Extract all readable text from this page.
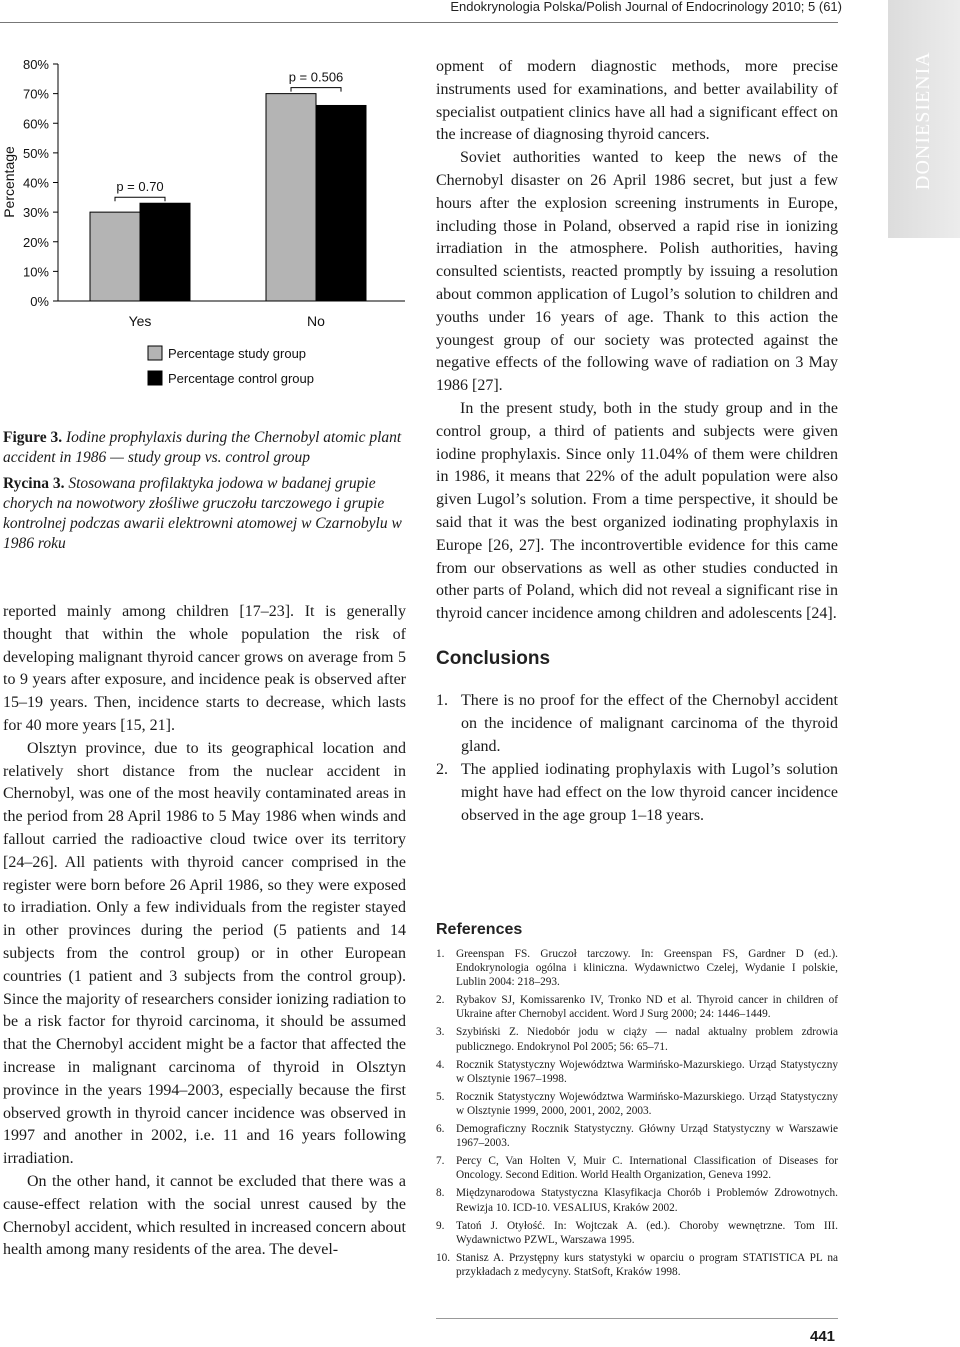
Endokrynologia Polska/Polish Journal of Endocrinology 2010; 5 (61)
DONIESIENIA
0%
10%
20%
30%
40%
50%
60%
70%
80%
Percentage
Yes
p = 0.70
No
p = 0.506
Percentage study group
Percentage control group
Figure 3. Iodine prophylaxis during the Chernobyl atomic plant accident in 1986 — study group vs. control group
Rycina 3. Stosowana profilaktyka jodowa w badanej grupie chorych na nowotwory złośliwe gruczołu tarczowego i grupie kontrolnej podczas awarii elektrowni atomowej w Czarnobylu w 1986 roku

reported mainly among children [17–23]. It is generally thought that within the whole population the risk of developing malignant thyroid cancer grows on average from 5 to 9 years after exposure, and incidence peak is observed after 15–19 years. Then, incidence starts to decrease, which lasts for 40 more years [15, 21].

Olsztyn province, due to its geographical location and relatively short distance from the nuclear accident in Chernobyl, was one of the most heavily contaminated areas in the period from 28 April 1986 to 5 May 1986 when winds and fallout carried the radioactive cloud twice over its territory [24–26]. All patients with thyroid cancer comprised in the register were born before 26 April 1986, so they were exposed to irradiation. Only a few individuals from the register stayed in other provinces during the period (5 patients and 14 subjects from the control group) or in other European countries (1 patient and 3 subjects from the control group). Since the majority of researchers consider ionizing radiation to be a risk factor for thyroid carcinoma, it should be assumed that the Chernobyl accident might be a factor that affected the increase in malignant carcinoma of thyroid in Olsztyn province in the years 1994–2003, especially because the first observed growth in thyroid cancer incidence was observed in 1997 and another in 2002, i.e. 11 and 16 years following irradiation.

On the other hand, it cannot be excluded that there was a cause-effect relation with the social unrest caused by the Chernobyl accident, which resulted in increased concern about health among many residents of the area. The devel-

opment of modern diagnostic methods, more precise instruments used for examinations, and better availability of specialist outpatient clinics have all had a significant effect on the increase of diagnosing thyroid cancers.

Soviet authorities wanted to keep the news of the Chernobyl disaster on 26 April 1986 secret, but just a few hours after the explosion screening instruments in Europe, including those in Poland, observed a rapid rise in ionizing irradiation in the atmosphere. Polish authorities, having consulted scientists, reacted promptly by issuing a resolution about common application of Lugol’s solution to children and youths under 16 years of age. Thank to this action the youngest group of our society was protected against the negative effects of the following wave of radiation on 3 May 1986 [27].

In the present study, both in the study group and in the control group, a third of patients and subjects were given iodine prophylaxis. Since only 11.04% of them were children in 1986, it means that 22% of the adult population were also given Lugol’s solution. From a time perspective, it should be said that it was the best organized iodinating prophylaxis in Europe [26, 27]. The incontrovertible evidence for this came from our observations as well as other studies conducted in other parts of Poland, which did not reveal a significant rise in thyroid cancer incidence among children and adolescents [24].

Conclusions
1. There is no proof for the effect of the Chernobyl accident on the incidence of malignant carcinoma of the thyroid gland.
2. The applied iodinating prophylaxis with Lugol’s solution might have had effect on the low thyroid cancer incidence observed in the age group 1–18 years.
References
1. Greenspan FS. Gruczoł tarczowy. In: Greenspan FS, Gardner D (ed.). Endokrynologia ogólna i kliniczna. Wydawnictwo Czelej, Wydanie I polskie, Lublin 2004: 218–293.
2. Rybakov SJ, Komissarenko IV, Tronko ND et al. Thyroid cancer in children of Ukraine after Chernobyl accident. Word J Surg 2000; 24: 1446–1449.
3. Szybiński Z. Niedobór jodu w ciąży — nadal aktualny problem zdrowia publicznego. Endokrynol Pol 2005; 56: 65–71.
4. Rocznik Statystyczny Województwa Warmińsko-Mazurskiego. Urząd Statystyczny w Olsztynie 1967–1998.
5. Rocznik Statystyczny Województwa Warmińsko-Mazurskiego. Urząd Statystyczny w Olsztynie 1999, 2000, 2001, 2002, 2003.
6. Demograficzny Rocznik Statystyczny. Główny Urząd Statystyczny w Warszawie 1967–2003.
7. Percy C, Van Holten V, Muir C. International Classification of Diseases for Oncology. Second Edition. World Health Organization, Geneva 1992.
8. Międzynarodowa Statystyczna Klasyfikacja Chorób i Problemów Zdrowotnych. Rewizja 10. ICD-10. VESALIUS, Kraków 2002.
9. Tatoń J. Otyłość. In: Wojtczak A. (ed.). Choroby wewnętrzne. Tom III. Wydawnictwo PZWL, Warszawa 1995.
10. Stanisz A. Przystępny kurs statystyki w oparciu o program STATISTICA PL na przykładach z medycyny. StatSoft, Kraków 1998.
441
